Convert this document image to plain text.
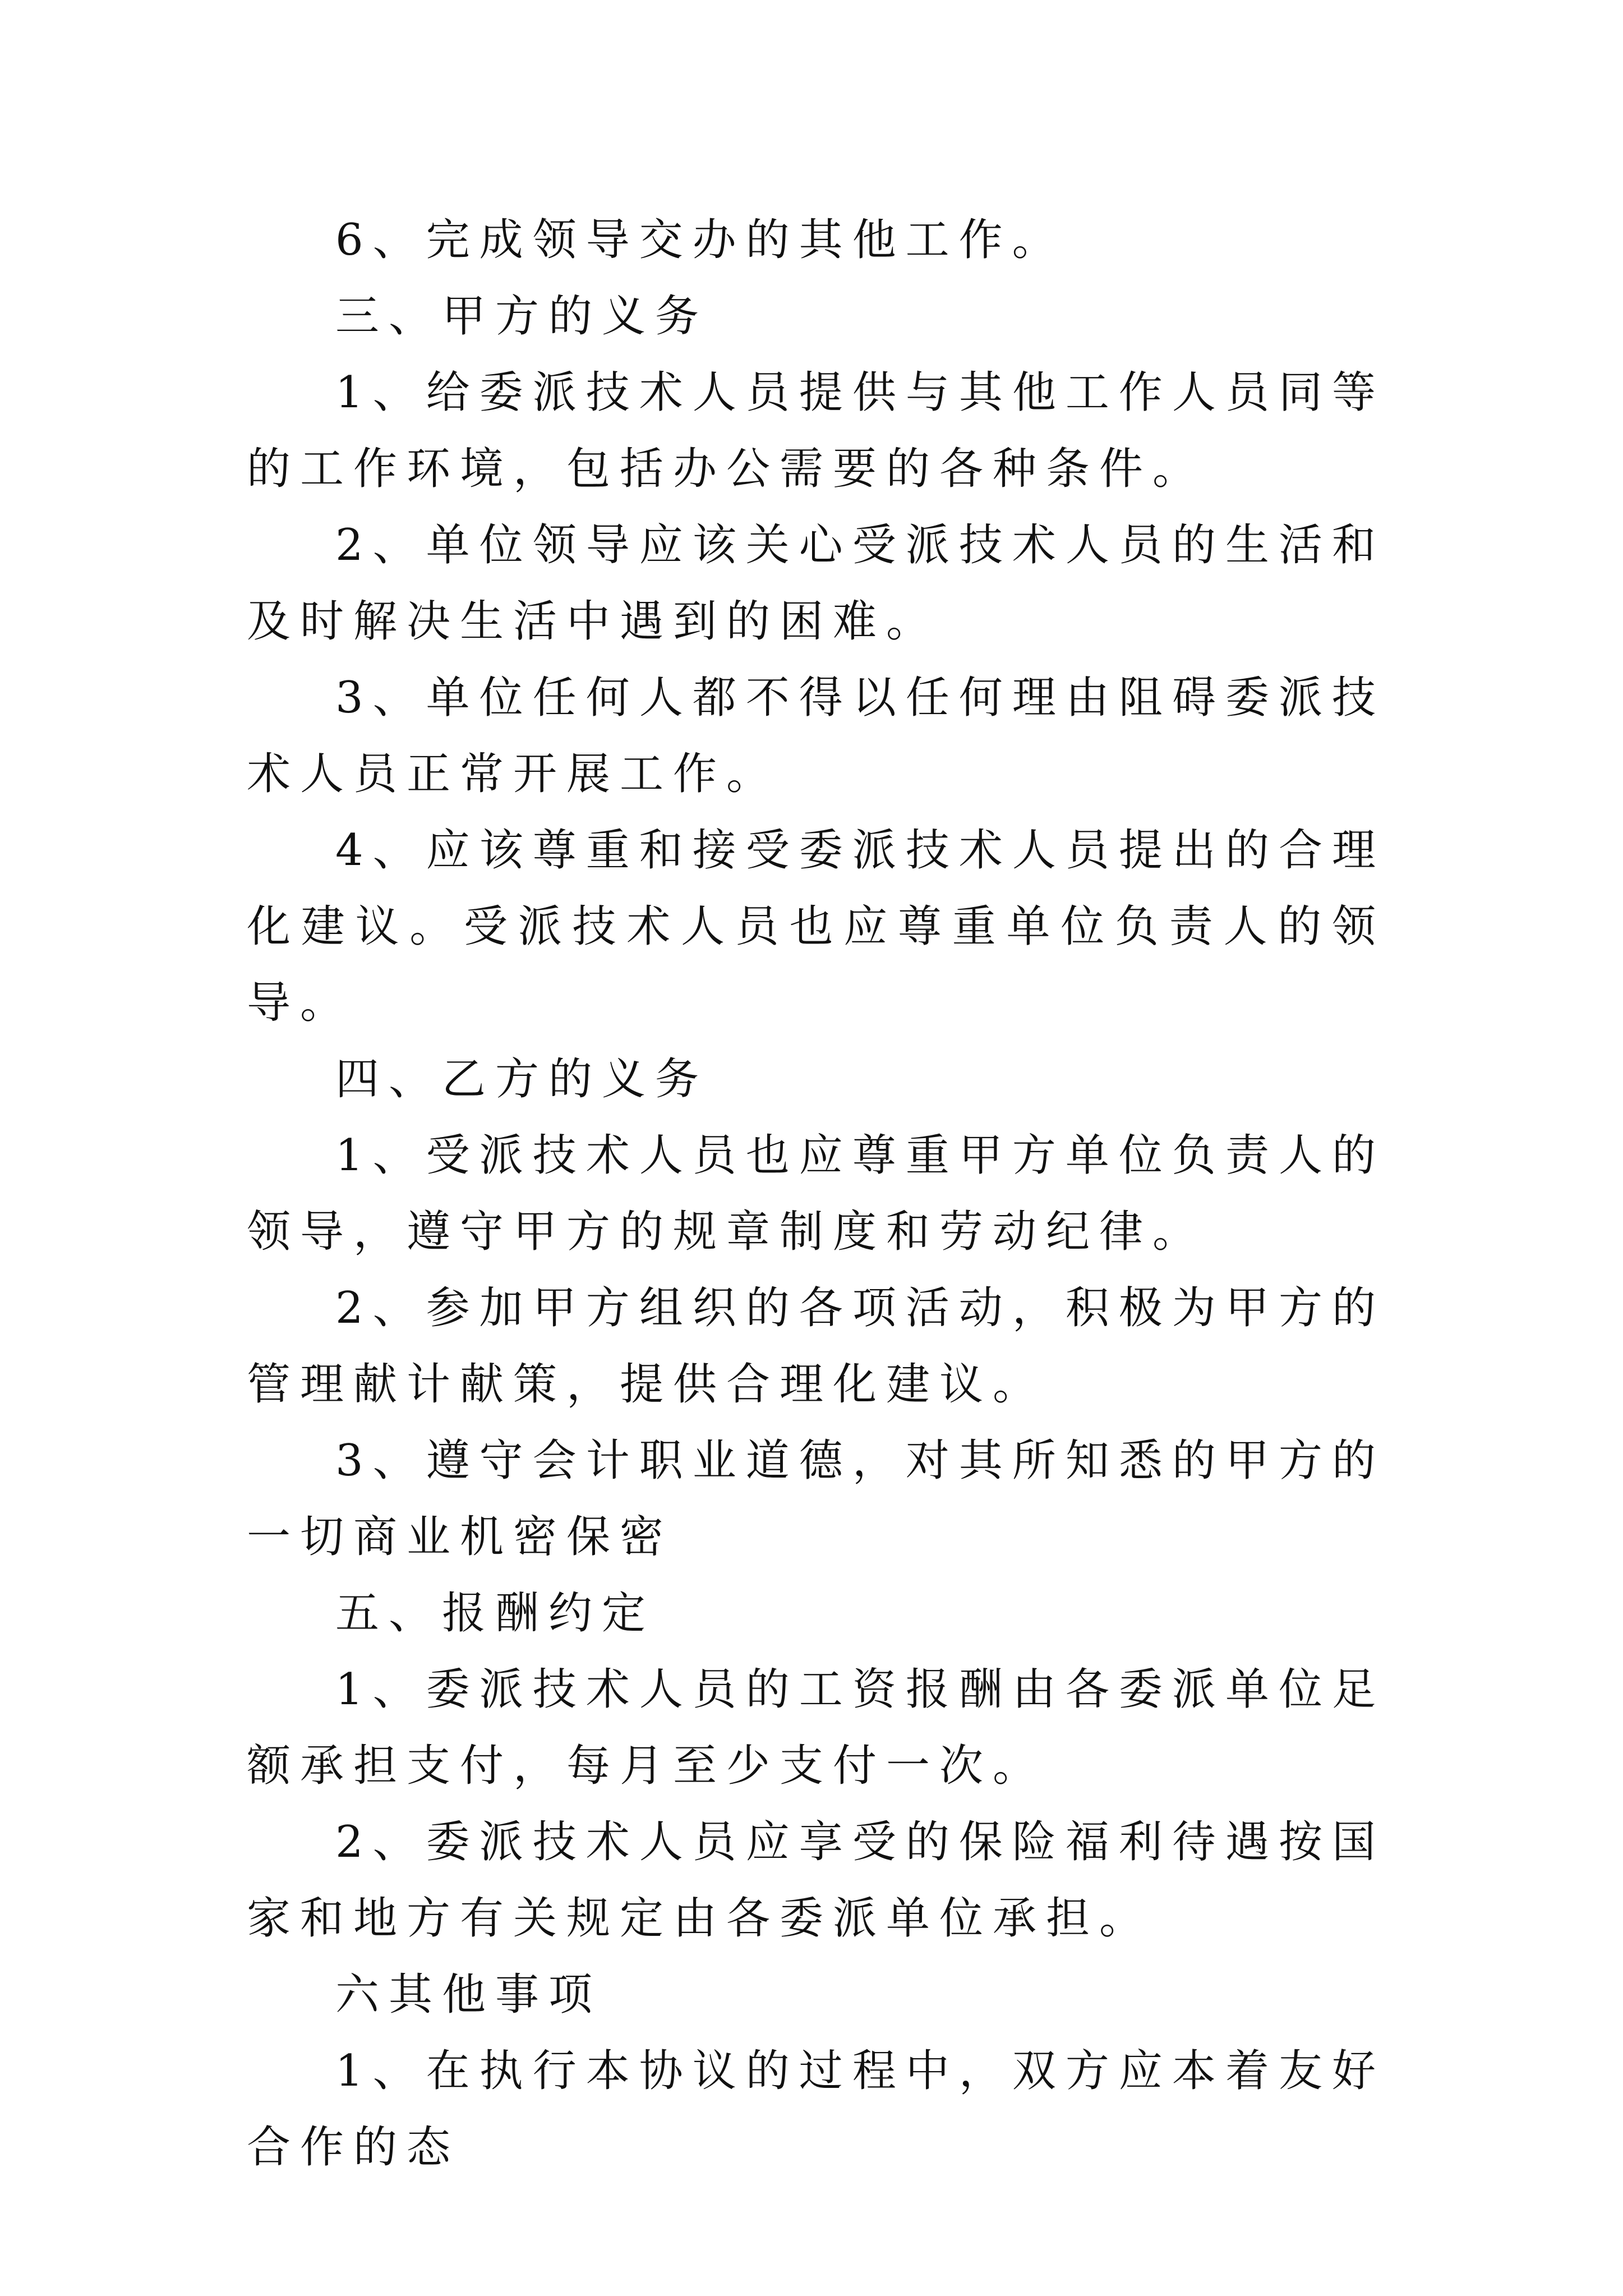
6、完成领导交办的其他工作。

三、甲方的义务

1、给委派技术人员提供与其他工作人员同等的工作环境，包括办公需要的各种条件。

2、单位领导应该关心受派技术人员的生活和及时解决生活中遇到的困难。

3、单位任何人都不得以任何理由阻碍委派技术人员正常开展工作。

4、应该尊重和接受委派技术人员提出的合理化建议。受派技术人员也应尊重单位负责人的领导。

四、乙方的义务

1、受派技术人员也应尊重甲方单位负责人的领导，遵守甲方的规章制度和劳动纪律。

2、参加甲方组织的各项活动，积极为甲方的管理献计献策，提供合理化建议。

3、遵守会计职业道德，对其所知悉的甲方的一切商业机密保密

五、报酬约定

1、委派技术人员的工资报酬由各委派单位足额承担支付，每月至少支付一次。

2、委派技术人员应享受的保险福利待遇按国家和地方有关规定由各委派单位承担。

六其他事项

1、在执行本协议的过程中，双方应本着友好合作的态
